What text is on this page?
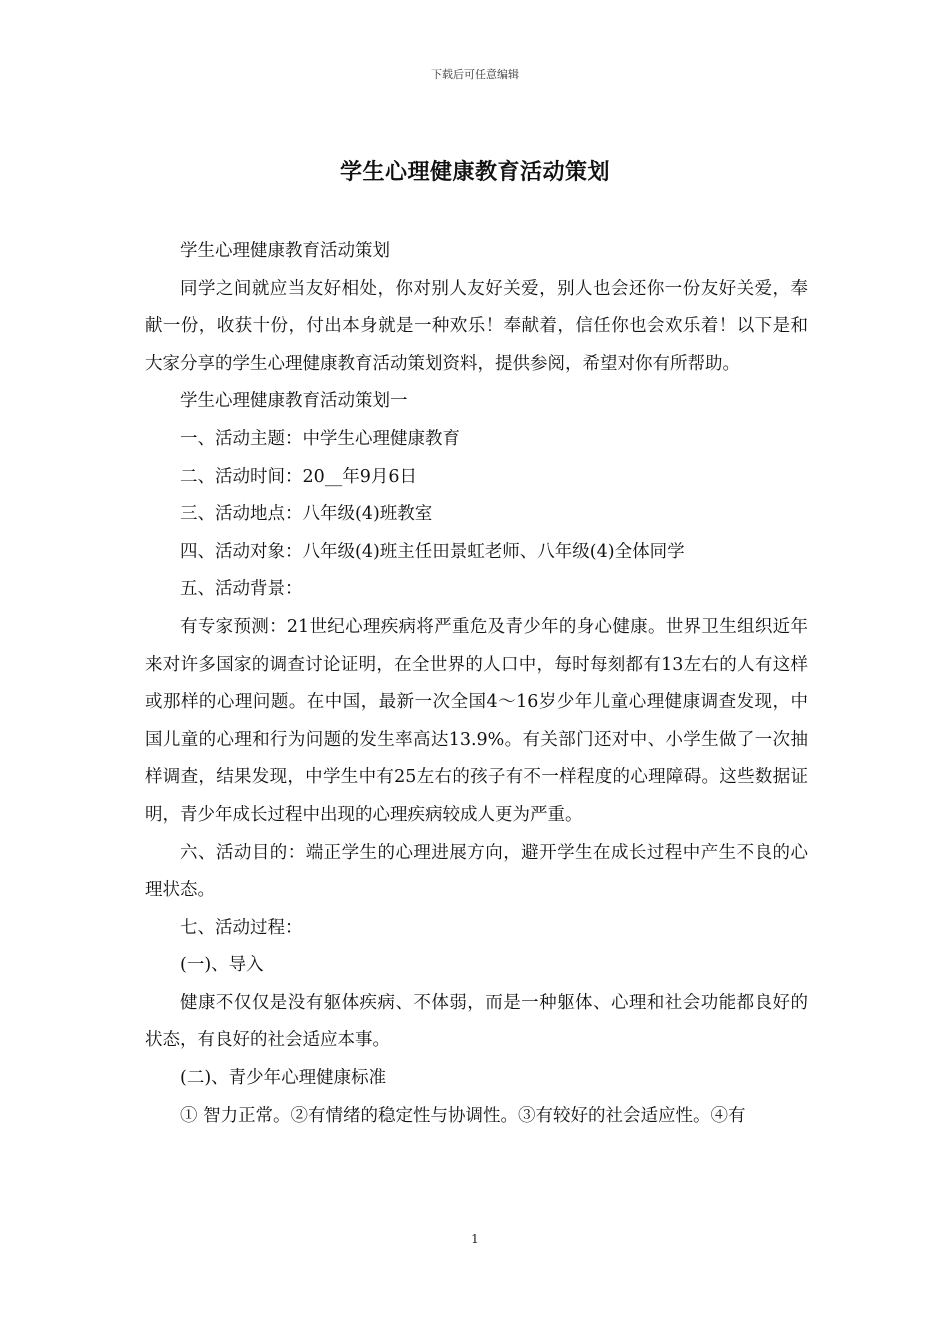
下载后可任意编辑
学生心理健康教育活动策划

学生心理健康教育活动策划

同学之间就应当友好相处，你对别人友好关爱，别人也会还你一份友好关爱，奉献一份，收获十份，付出本身就是一种欢乐！奉献着，信任你也会欢乐着！以下是和大家分享的学生心理健康教育活动策划资料，提供参阅，希望对你有所帮助。

学生心理健康教育活动策划一

一、活动主题：中学生心理健康教育

二、活动时间：20__年9月6日

三、活动地点：八年级(4)班教室

四、活动对象：八年级(4)班主任田景虹老师、八年级(4)全体同学

五、活动背景：

有专家预测：21世纪心理疾病将严重危及青少年的身心健康。世界卫生组织近年来对许多国家的调查讨论证明，在全世界的人口中，每时每刻都有13左右的人有这样或那样的心理问题。在中国，最新一次全国4～16岁少年儿童心理健康调查发现，中国儿童的心理和行为问题的发生率高达13.9%。有关部门还对中、小学生做了一次抽样调查，结果发现，中学生中有25左右的孩子有不一样程度的心理障碍。这些数据证明，青少年成长过程中出现的心理疾病较成人更为严重。

六、活动目的：端正学生的心理进展方向，避开学生在成长过程中产生不良的心理状态。

七、活动过程：

(一)、导入

健康不仅仅是没有躯体疾病、不体弱，而是一种躯体、心理和社会功能都良好的状态，有良好的社会适应本事。

(二)、青少年心理健康标准

① 智力正常。②有情绪的稳定性与协调性。③有较好的社会适应性。④有

1
